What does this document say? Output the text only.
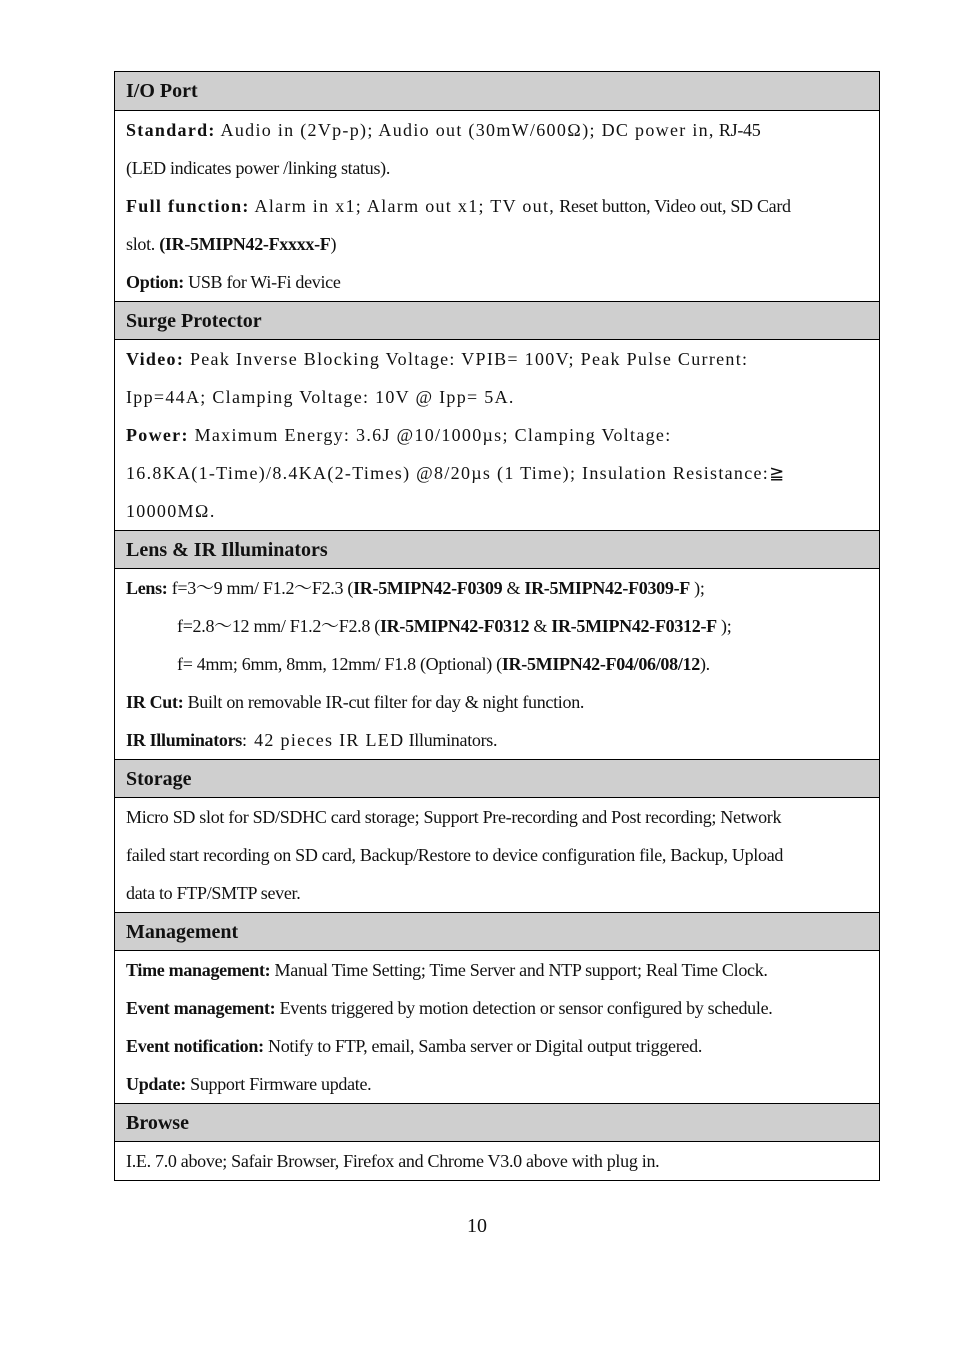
I/O Port
Standard: Audio in (2Vp-p); Audio out (30mW/600Ω); DC power in, RJ-45
(LED indicates power /linking status).
Full function: Alarm in x1; Alarm out x1; TV out, Reset button, Video out, SD Card
slot. (IR-5MIPN42-Fxxxx-F)
Option: USB for Wi-Fi device
Surge Protector
Video: Peak Inverse Blocking Voltage: VPIB= 100V; Peak Pulse Current:
Ipp=44A; Clamping Voltage: 10V @ Ipp= 5A.
Power: Maximum Energy: 3.6J @10/1000µs; Clamping Voltage:
16.8KA(1-Time)/8.4KA(2-Times) @8/20µs (1 Time); Insulation Resistance:≧
10000MΩ.
Lens & IR Illuminators
Lens: f=3～9 mm/ F1.2～F2.3 (IR-5MIPN42-F0309 & IR-5MIPN42-F0309-F );
f=2.8～12 mm/ F1.2～F2.8 (IR-5MIPN42-F0312 & IR-5MIPN42-F0312-F );
f= 4mm; 6mm, 8mm, 12mm/ F1.8 (Optional) (IR-5MIPN42-F04/06/08/12).
IR Cut: Built on removable IR-cut filter for day & night function.
IR Illuminators: 42 pieces IR LED Illuminators.
Storage
Micro SD slot for SD/SDHC card storage; Support Pre-recording and Post recording; Network
failed start recording on SD card, Backup/Restore to device configuration file, Backup, Upload
data to FTP/SMTP sever.
Management
Time management: Manual Time Setting; Time Server and NTP support; Real Time Clock.
Event management: Events triggered by motion detection or sensor configured by schedule.
Event notification: Notify to FTP, email, Samba server or Digital output triggered.
Update: Support Firmware update.
Browse
I.E. 7.0 above; Safair Browser, Firefox and Chrome V3.0 above with plug in.
10
